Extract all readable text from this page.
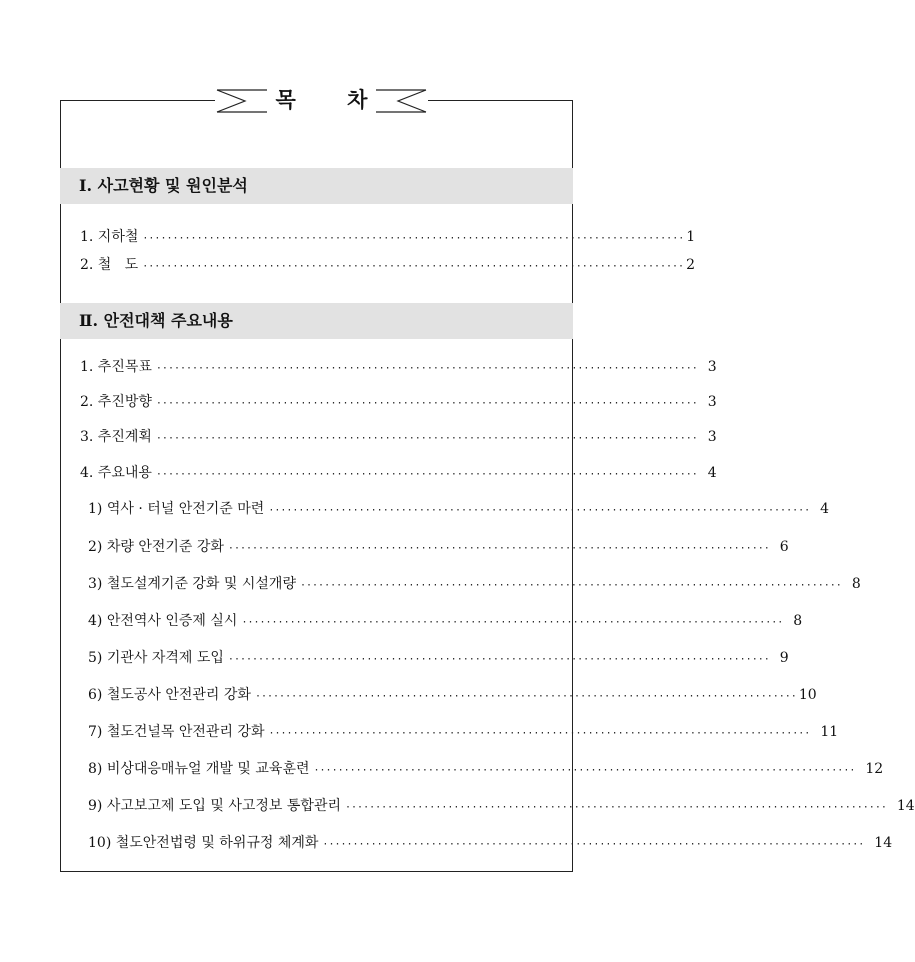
목 차
Ⅰ. 사고현황 및 원인분석
1. 지하철 ·························································································· 1
2. 철   도 ·························································································· 2
Ⅱ. 안전대책 주요내용
1. 추진목표 ·························································································· 3
2. 추진방향 ·························································································· 3
3. 추진계획 ·························································································· 3
4. 주요내용 ·························································································· 4
1) 역사 · 터널 안전기준 마련 ·························································································· 4
2) 차량 안전기준 강화 ·························································································· 6
3) 철도설계기준 강화 및 시설개량 ·························································································· 8
4) 안전역사 인증제 실시 ·························································································· 8
5) 기관사 자격제 도입 ·························································································· 9
6) 철도공사 안전관리 강화 ·························································································· 10
7) 철도건널목 안전관리 강화 ·························································································· 11
8) 비상대응매뉴얼 개발 및 교육훈련 ·························································································· 12
9) 사고보고제 도입 및 사고정보 통합관리 ·························································································· 14
10) 철도안전법령 및 하위규정 체계화 ·························································································· 14
